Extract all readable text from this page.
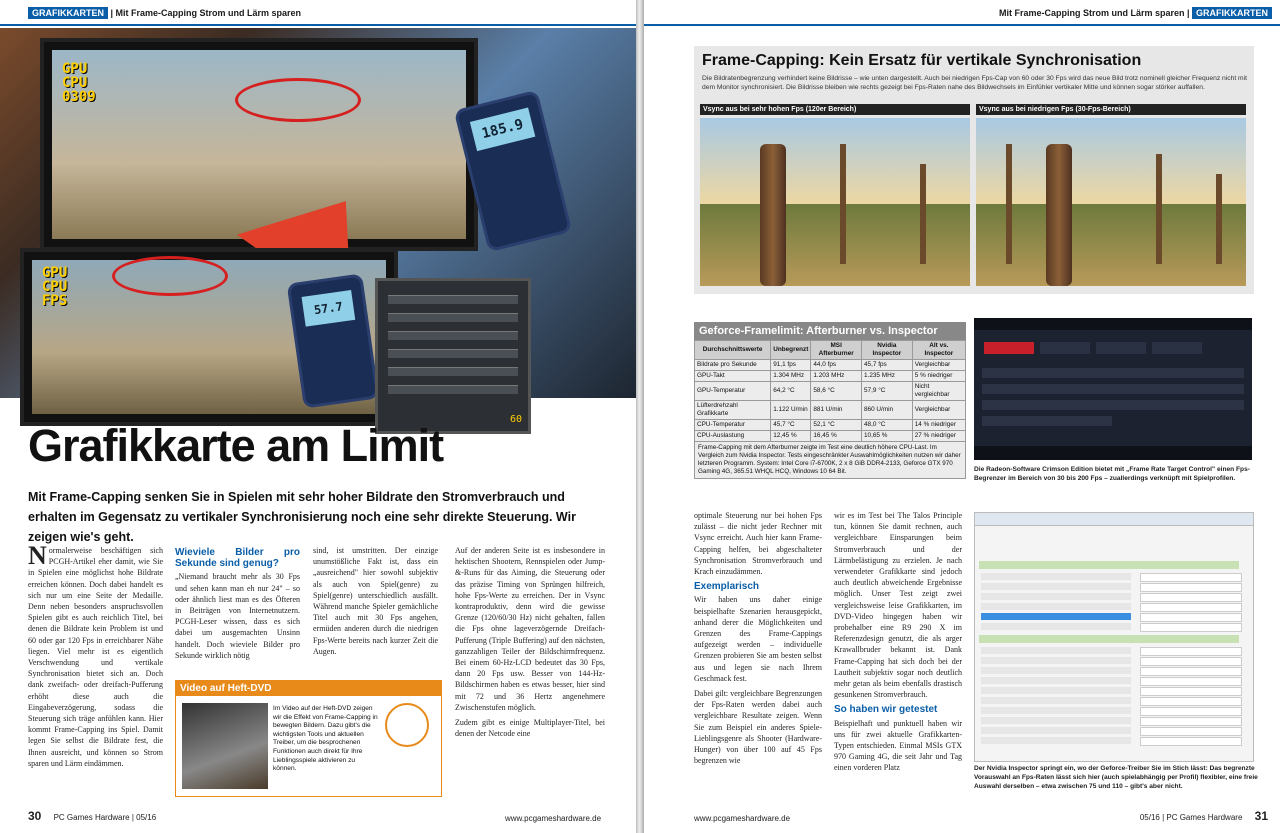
GRAFIKKARTEN | Mit Frame-Capping Strom und Lärm sparen
GPU
CPU
0309
GPU
CPU
FPS
185.9
57.7
60
Grafikkarte am Limit
Mit Frame-Capping senken Sie in Spielen mit sehr hoher Bildrate den Stromverbrauch und erhalten im Gegensatz zu vertikaler Synchronisierung noch eine sehr direkte Steuerung. Wir zeigen wie's geht.

Normalerweise beschäftigen sich PCGH-Artikel eher damit, wie Sie in Spielen eine möglichst hohe Bildrate erreichen können. Doch dabei handelt es sich nur um eine Seite der Medaille. Denn neben besonders anspruchsvollen Spielen gibt es auch reichlich Titel, bei denen die Bildrate kein Problem ist und 60 oder gar 120 Fps in erreichbarer Nähe liegen. Viel mehr ist es eigentlich Verschwendung und vertikale Synchronisation bietet sich an. Doch dank zweifach- oder dreifach-Pufferung erhöht diese auch die Eingabeverzögerung, sodass die Steuerung sich träge anfühlen kann. Hier kommt Frame-Capping ins Spiel. Damit legen Sie selbst die Bildrate fest, die Ihnen ausreicht, und können so Strom sparen und Lärm eindämmen.

Wieviele Bilder pro Sekunde sind genug?

„Niemand braucht mehr als 30 Fps und sehen kann man eh nur 24" – so oder ähnlich liest man es des Öfteren in Beiträgen von Internetnutzern. PCGH-Leser wissen, dass es sich dabei um ausgemachten Unsinn handelt. Doch wieviele Bilder pro Sekunde wirklich nötig

sind, ist umstritten. Der einzige unumstößliche Fakt ist, dass ein „ausreichend" hier sowohl subjektiv als auch von Spiel(genre) zu Spiel(genre) unterschiedlich ausfällt. Während manche Spieler gemächliche Titel auch mit 30 Fps angehen, ermüden anderen durch die niedrigen Fps-Werte bereits nach kurzer Zeit die Augen.

Auf der anderen Seite ist es insbesondere in hektischen Shootern, Rennspielen oder Jump-&-Runs für das Aiming, die Steuerung oder das präzise Timing von Sprüngen hilfreich, hohe Fps-Werte zu erreichen. Der in Vsync kontraproduktiv, denn wird die gewisse Grenze (120/60/30 Hz) nicht gehalten, fallen die Fps ohne lageverzögernde Dreifach-Pufferung (Triple Buffering) auf den nächsten, ganzzahligen Teiler der Bildschirmfrequenz. Bei einem 60-Hz-LCD bedeutet das 30 Fps, dann 20 Fps usw. Besser von 144-Hz-Bildschirmen haben es etwas besser, hier sind mit 72 und 36 Hertz angenehmere Zwischenstufen möglich.

Zudem gibt es einige Multiplayer-Titel, bei denen der Netcode eine

Video auf Heft-DVD
Im Video auf der Heft-DVD zeigen wir die Effekt von Frame-Capping in bewegten Bildern. Dazu gibt's die wichtigsten Tools und aktuellen Treiber, um die besprochenen Funktionen auch direkt für Ihre Lieblingsspiele aktivieren zu können.
30 PC Games Hardware | 05/16	www.pcgameshardware.de
Mit Frame-Capping Strom und Lärm sparen | GRAFIKKARTEN
Frame-Capping: Kein Ersatz für vertikale Synchronisation
Die Bildratenbegrenzung verhindert keine Bildrisse – wie unten dargestellt. Auch bei niedrigen Fps-Cap von 60 oder 30 Fps wird das neue Bild trotz nominell gleicher Frequenz nicht mit dem Monitor synchronisiert. Die Bildrisse bleiben wie rechts gezeigt bei Fps-Raten nahe des Bildwechsels im Einfühler vertikaler Mitte und können sogar störker auffallen.
Vsync aus bei sehr hohen Fps (120er Bereich)	Vsync aus bei niedrigen Fps (30-Fps-Bereich)
Geforce-Framelimit: Afterburner vs. Inspector
Durchschnittswerte	Unbegrenzt	MSI Afterburner	Nvidia Inspector	Alt vs. Inspector
Bildrate pro Sekunde	91,1 fps	44,0 fps	45,7 fps	Vergleichbar
GPU-Takt	1.304 MHz	1.203 MHz	1.235 MHz	5 % niedriger
GPU-Temperatur	64,2 °C	58,6 °C	57,9 °C	Nicht vergleichbar
Lüfterdrehzahl Grafikkarte	1.122 U/min	881 U/min	860 U/min	Vergleichbar
CPU-Temperatur	45,7 °C	52,1 °C	48,0 °C	14 % niedriger
CPU-Auslastung	12,45 %	16,45 %	10,65 %	27 % niedriger
Frame-Capping mit dem Afterburner zeigte im Test eine deutlich höhere CPU-Last. Im Vergleich zum Nvidia Inspector. Tests eingeschränkter Auswahlmöglichkeiten nutzen wir daher letzteren Programm. System: Intel Core i7-6700K, 2 x 8 GiB DDR4-2133, Geforce GTX 970 Gaming 4G, 365.51 WHQL HCQ, Windows 10 64 Bit.	Die Radeon-Software Crimson Edition bietet mit „Frame Rate Target Control" einen Fps-Begrenzer im Bereich von 30 bis 200 Fps – zuallerdings verknüpft mit Spielprofilen.

optimale Steuerung nur bei hohen Fps zulässt – die nicht jeder Rechner mit Vsync erreicht. Auch hier kann Frame-Capping helfen, bei abgeschalteter Synchronisation Stromverbrauch und Krach einzudämmen.

Exemplarisch

Wir haben uns daher einige beispielhafte Szenarien herausgepickt, anhand derer die Möglichkeiten und Grenzen des Frame-Cappings aufgezeigt werden – individuelle Grenzen probieren Sie am besten selbst aus und legen sie nach Ihrem Geschmack fest.

Dabei gilt: vergleichbare Begrenzungen der Fps-Raten werden dabei auch vergleichbare Resultate zeigen. Wenn Sie zum Beispiel ein anderes Spiele-Lieblingsgenre als Shooter (Hardware-Hunger) von über 100 auf 45 Fps begrenzen wie

wir es im Test bei The Talos Principle tun, können Sie damit rechnen, auch vergleichbare Einsparungen beim Stromverbrauch und der Lärmbelästigung zu erzielen. Je nach verwendeter Grafikkarte sind jedoch auch deutlich abweichende Ergebnisse möglich. Unser Test zeigt zwei vergleichsweise leise Grafikkarten, im DVD-Video hingegen haben wir probehalber eine R9 290 X im Referenzdesign genutzt, die als arger Krawallbruder bekannt ist. Dank Frame-Capping hat sich doch bei der Lautheit subjektiv sogar noch deutlich mehr getan als beim ebenfalls drastisch gesunkenen Stromverbrauch.

So haben wir getestet

Beispielhaft und punktuell haben wir uns für zwei aktuelle Grafikkarten-Typen entschieden. Einmal MSIs GTX 970 Gaming 4G, die seit Jahr und Tag einen vorderen Platz	Der Nvidia Inspector springt ein, wo der Geforce-Treiber Sie im Stich lässt: Das begrenzte Vorauswahl an Fps-Raten lässt sich hier (auch spielabhängig per Profil) flexibler, eine freie Auswahl derselben – etwa zwischen 75 und 110 – gibt's aber nicht.
www.pcgameshardware.de	05/16 | PC Games Hardware 31
